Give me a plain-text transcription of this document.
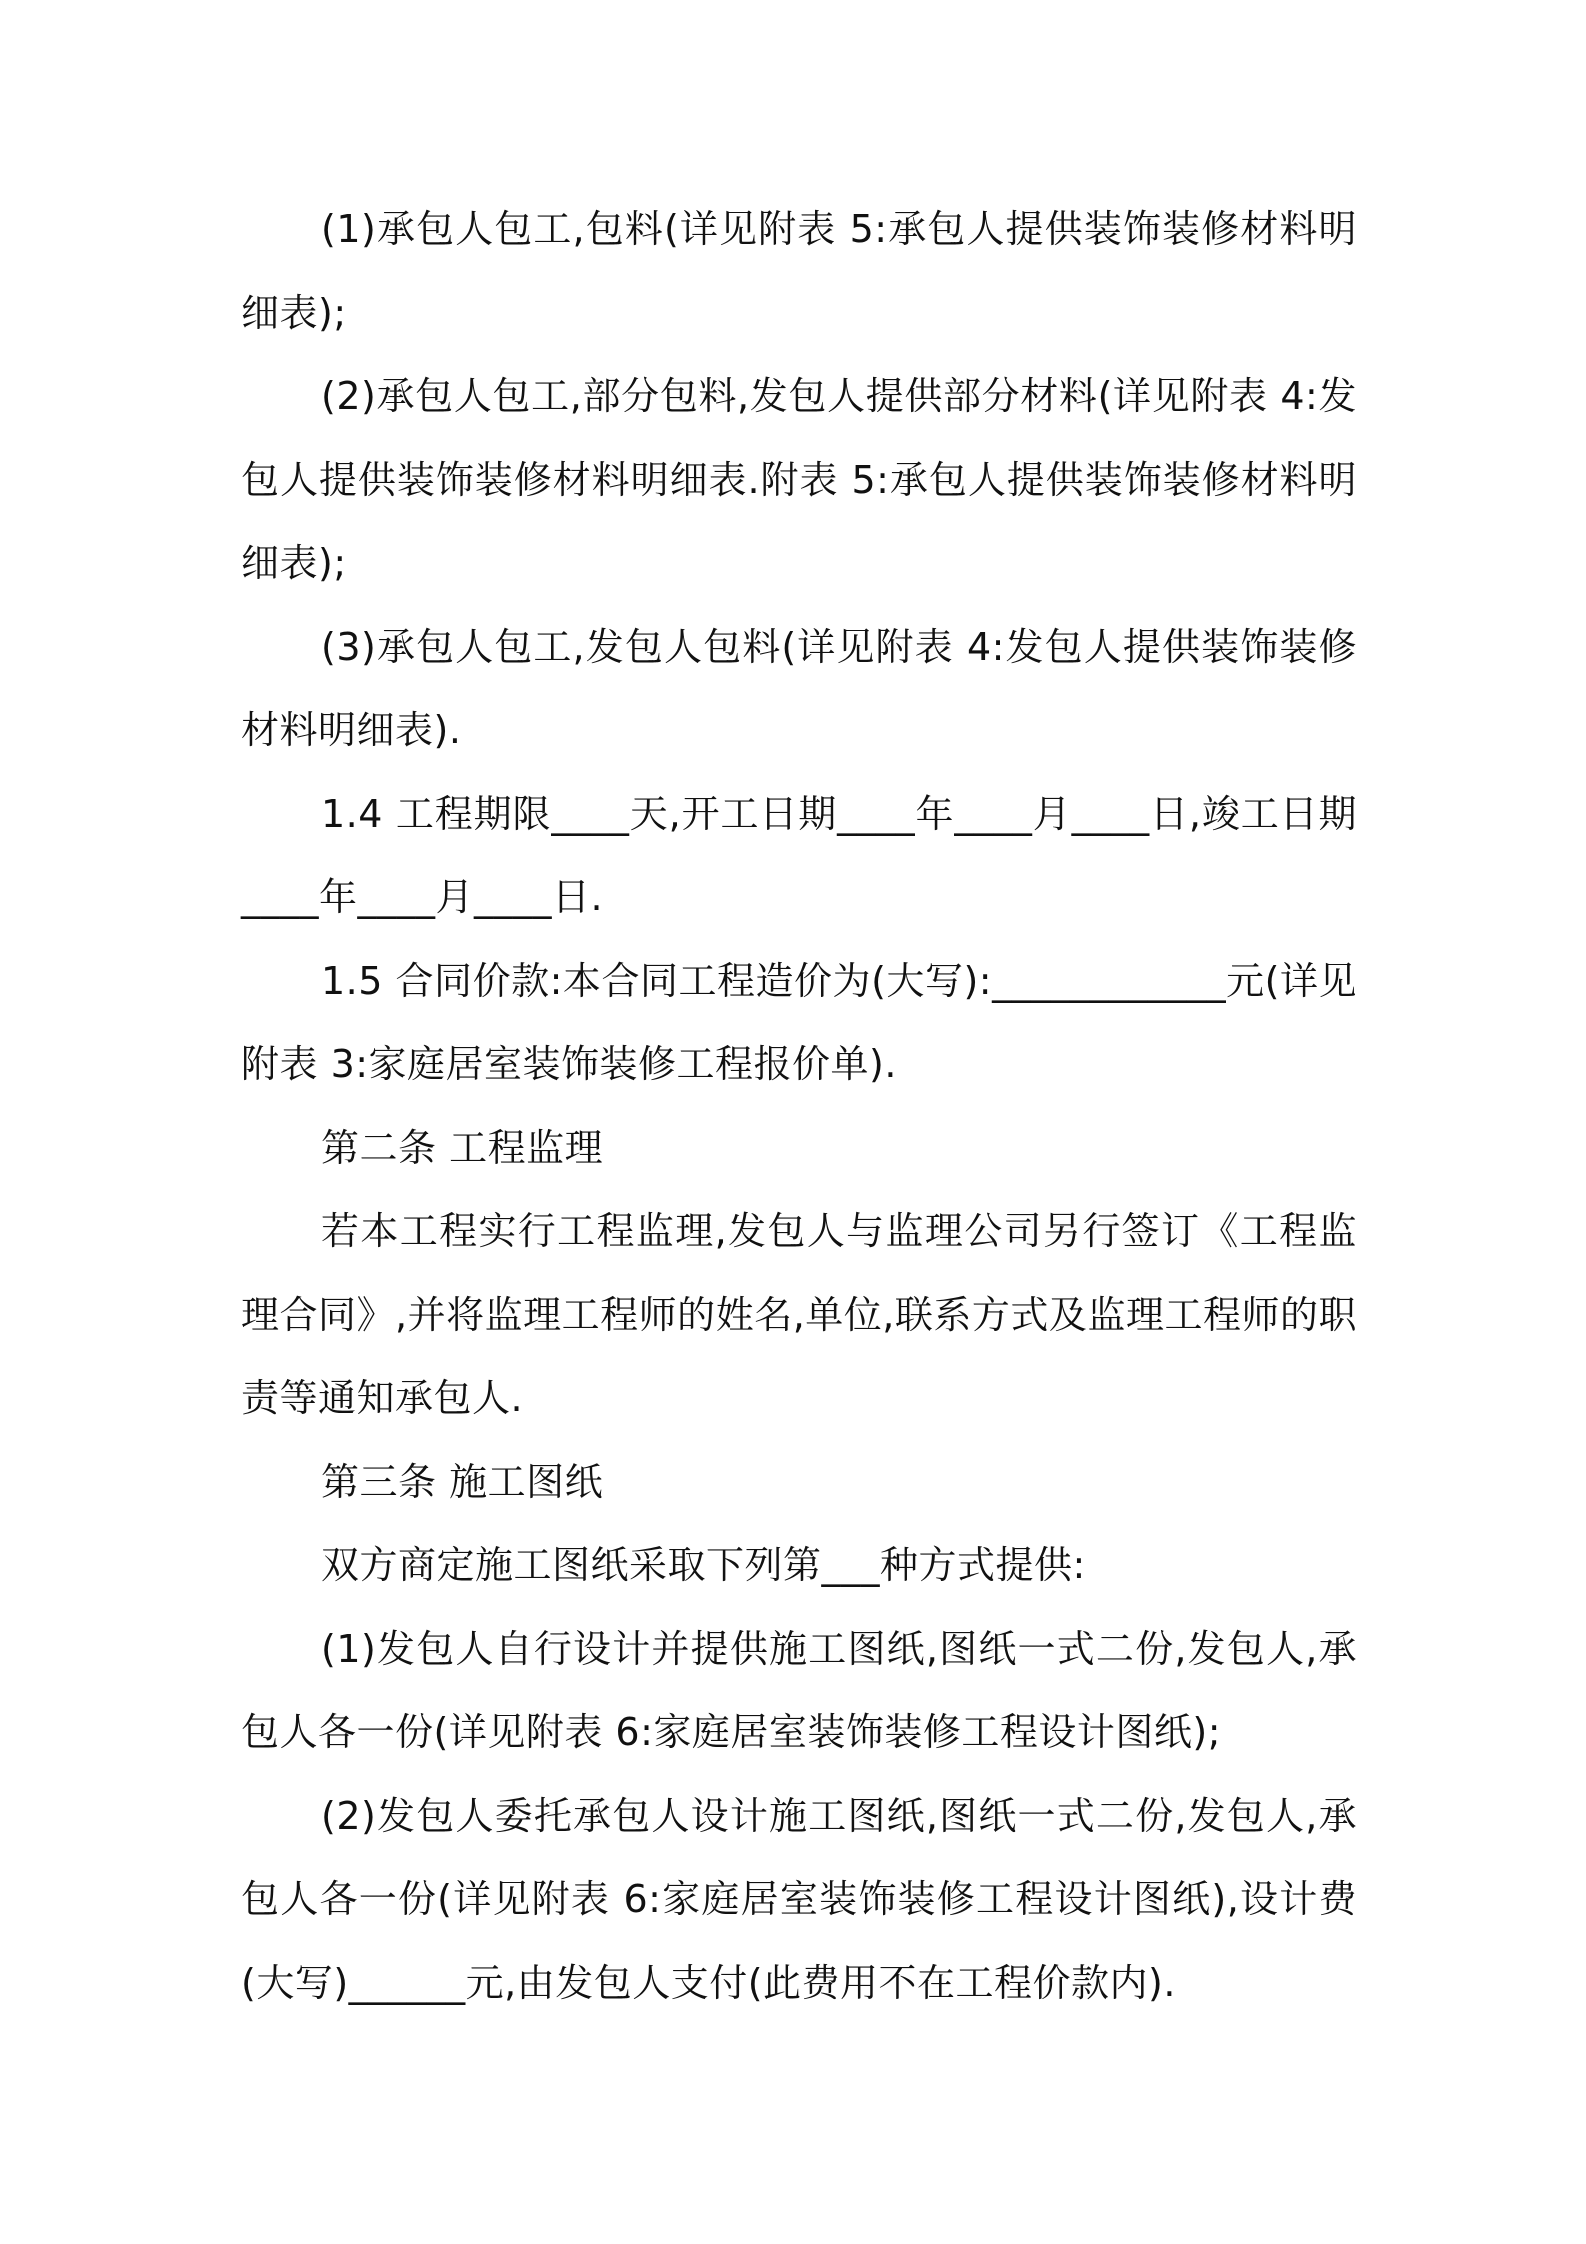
(1)承包人包工,包料(详见附表 5:承包人提供装饰装修材料明细表);

(2)承包人包工,部分包料,发包人提供部分材料(详见附表 4:发包人提供装饰装修材料明细表.附表 5:承包人提供装饰装修材料明细表);

(3)承包人包工,发包人包料(详见附表 4:发包人提供装饰装修材料明细表).

1.4 工程期限____天,开工日期____年____月____日,竣工日期____年____月____日.

1.5 合同价款:本合同工程造价为(大写):____________元(详见附表 3:家庭居室装饰装修工程报价单).

第二条 工程监理

若本工程实行工程监理,发包人与监理公司另行签订《工程监理合同》,并将监理工程师的姓名,单位,联系方式及监理工程师的职责等通知承包人.

第三条 施工图纸

双方商定施工图纸采取下列第___种方式提供:

(1)发包人自行设计并提供施工图纸,图纸一式二份,发包人,承包人各一份(详见附表 6:家庭居室装饰装修工程设计图纸);

(2)发包人委托承包人设计施工图纸,图纸一式二份,发包人,承包人各一份(详见附表 6:家庭居室装饰装修工程设计图纸),设计费(大写)______元,由发包人支付(此费用不在工程价款内).
